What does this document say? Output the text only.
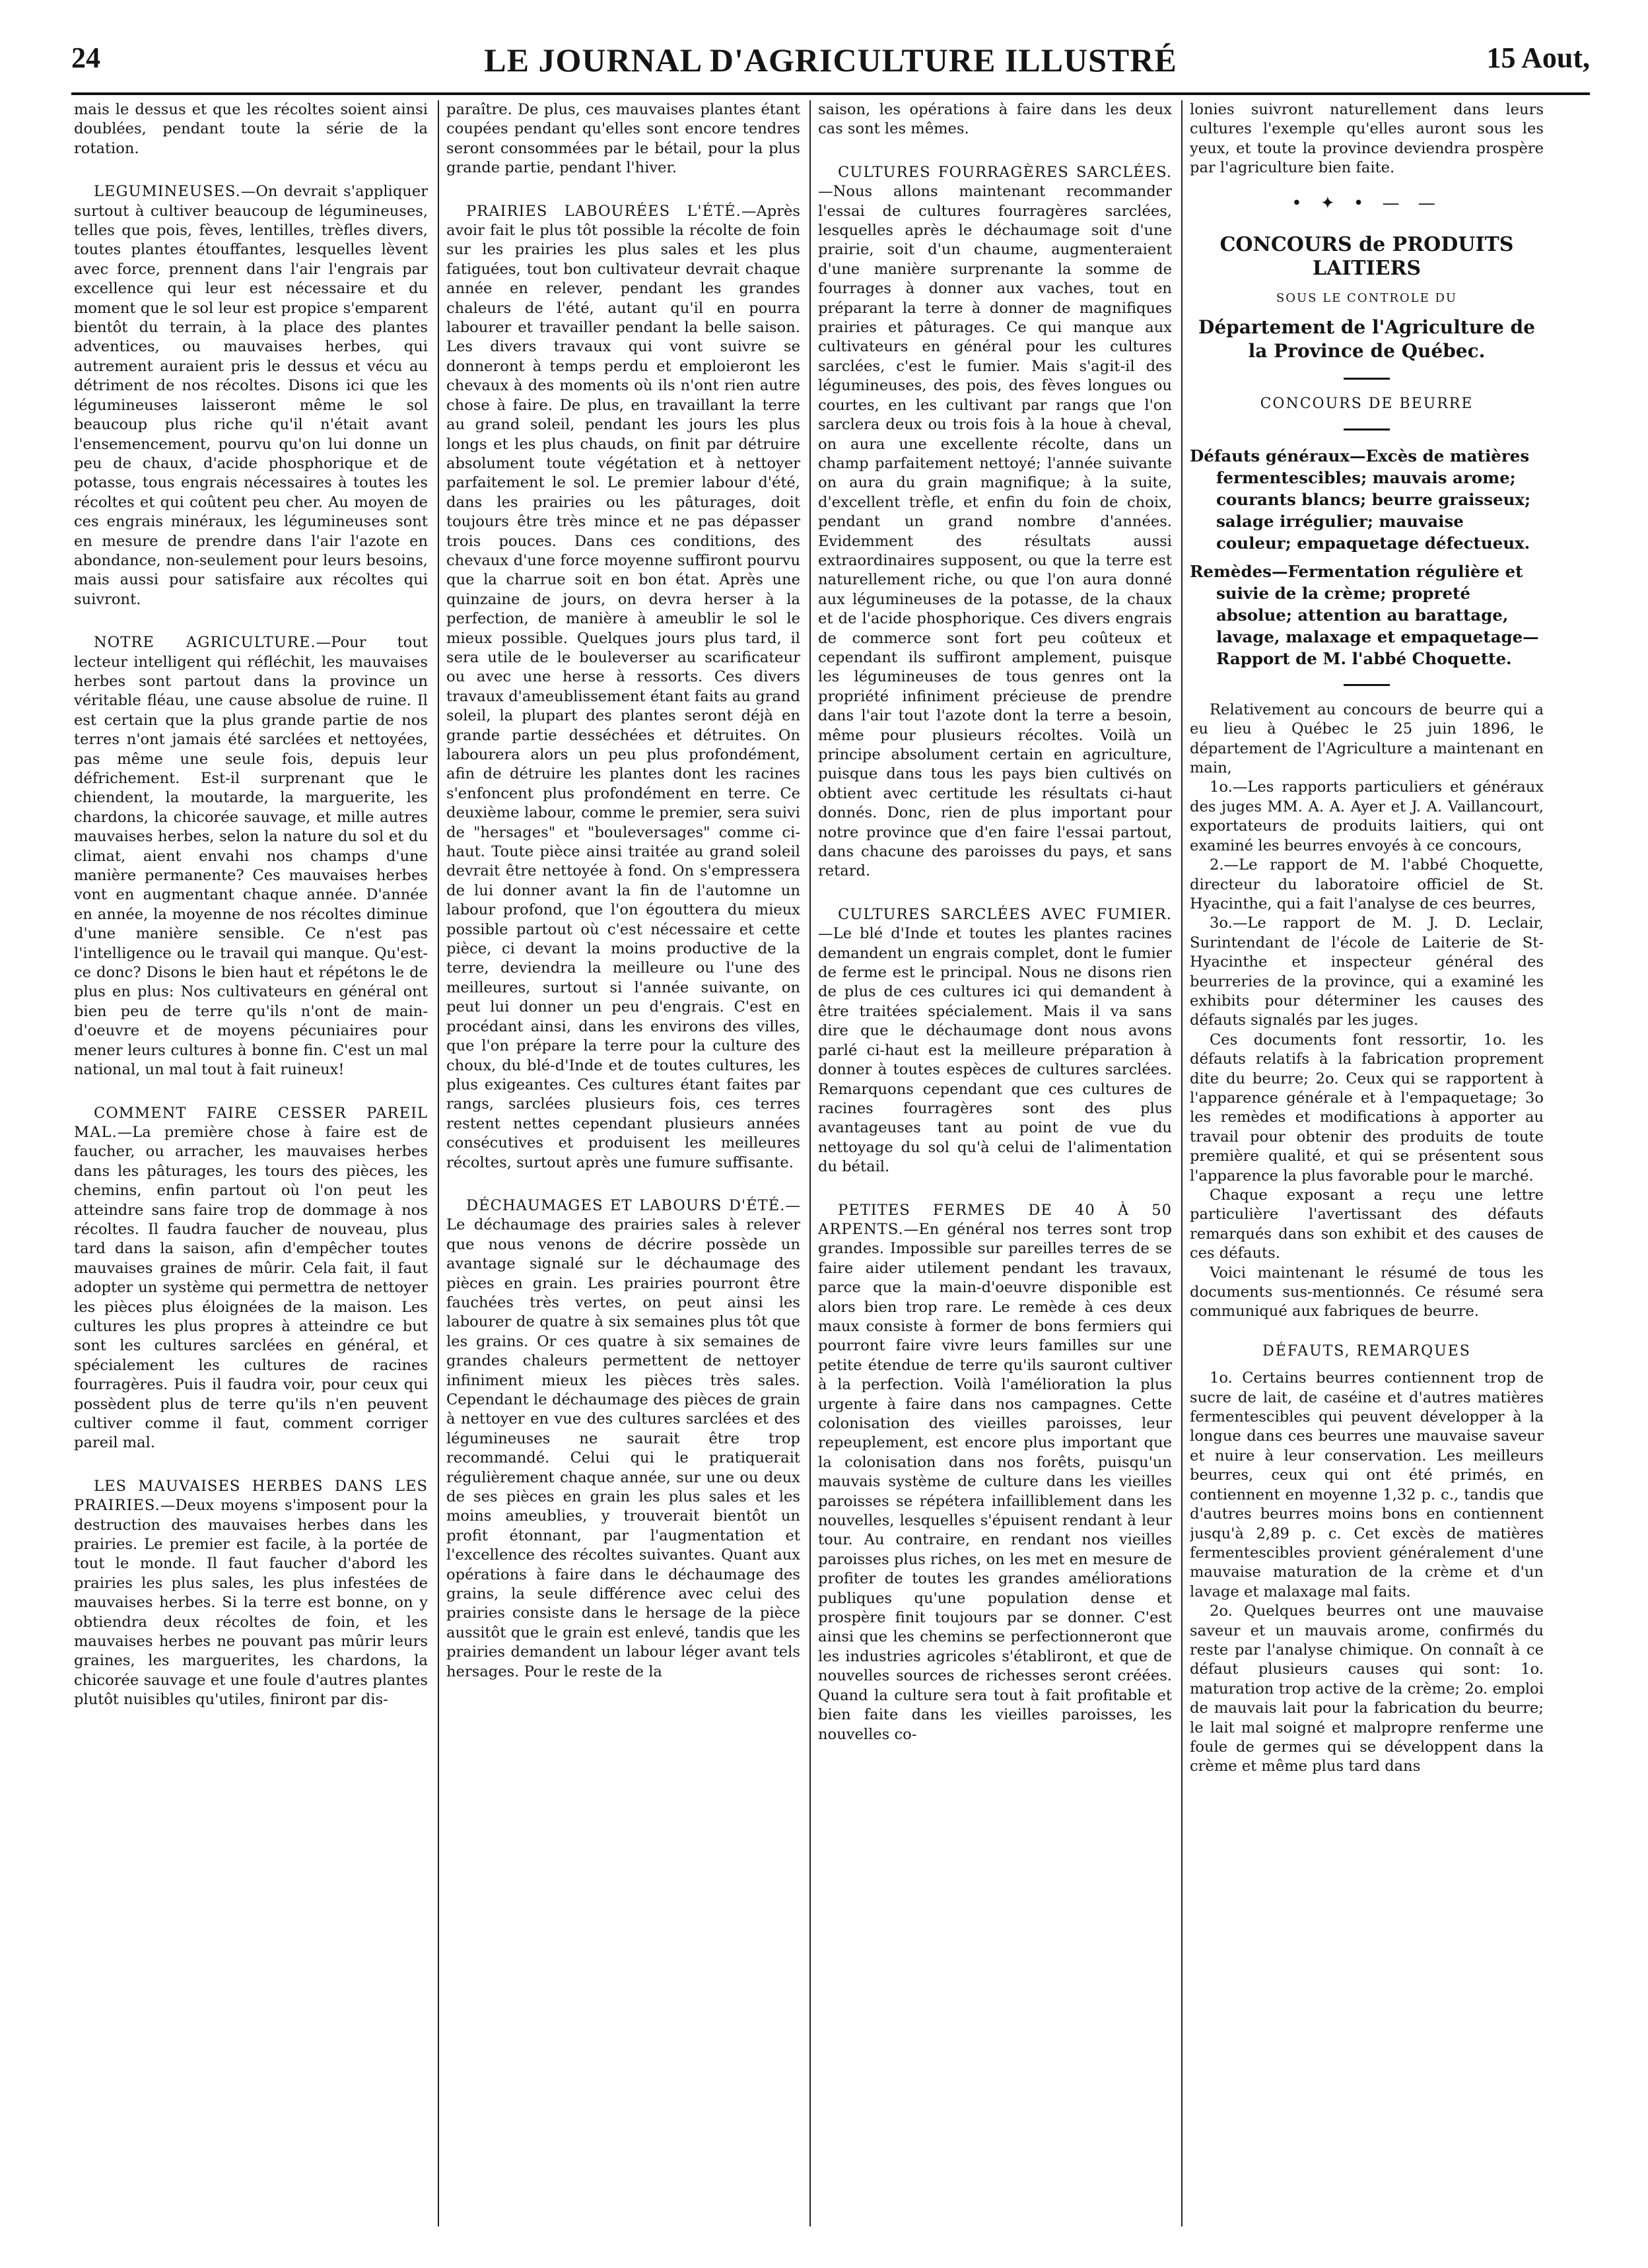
24	LE JOURNAL D'AGRICULTURE ILLUSTRÉ	15 Aout,

mais le dessus et que les récoltes soient ainsi doublées, pendant toute la série de la rotation.

LEGUMINEUSES.—On devrait s'appliquer surtout à cultiver beaucoup de légumineuses, telles que pois, fèves, lentilles, trèfles divers, toutes plantes étouffantes, lesquelles lèvent avec force, prennent dans l'air l'engrais par excellence qui leur est nécessaire et du moment que le sol leur est propice s'emparent bientôt du terrain, à la place des plantes adventices, ou mauvaises herbes, qui autrement auraient pris le dessus et vécu au détriment de nos récoltes. Disons ici que les légumineuses laisseront même le sol beaucoup plus riche qu'il n'était avant l'ensemencement, pourvu qu'on lui donne un peu de chaux, d'acide phosphorique et de potasse, tous engrais nécessaires à toutes les récoltes et qui coûtent peu cher. Au moyen de ces engrais minéraux, les légumineuses sont en mesure de prendre dans l'air l'azote en abondance, non-seulement pour leurs besoins, mais aussi pour satisfaire aux récoltes qui suivront.

NOTRE AGRICULTURE.—Pour tout lecteur intelligent qui réfléchit, les mauvaises herbes sont partout dans la province un véritable fléau, une cause absolue de ruine. Il est certain que la plus grande partie de nos terres n'ont jamais été sarclées et nettoyées, pas même une seule fois, depuis leur défrichement. Est-il surprenant que le chiendent, la moutarde, la marguerite, les chardons, la chicorée sauvage, et mille autres mauvaises herbes, selon la nature du sol et du climat, aient envahi nos champs d'une manière permanente? Ces mauvaises herbes vont en augmentant chaque année. D'année en année, la moyenne de nos récoltes diminue d'une manière sensible. Ce n'est pas l'intelligence ou le travail qui manque. Qu'est-ce donc? Disons le bien haut et répétons le de plus en plus: Nos cultivateurs en général ont bien peu de terre qu'ils n'ont de main-d'oeuvre et de moyens pécuniaires pour mener leurs cultures à bonne fin. C'est un mal national, un mal tout à fait ruineux!

COMMENT FAIRE CESSER PAREIL MAL.—La première chose à faire est de faucher, ou arracher, les mauvaises herbes dans les pâturages, les tours des pièces, les chemins, enfin partout où l'on peut les atteindre sans faire trop de dommage à nos récoltes. Il faudra faucher de nouveau, plus tard dans la saison, afin d'empêcher toutes mauvaises graines de mûrir. Cela fait, il faut adopter un système qui permettra de nettoyer les pièces plus éloignées de la maison. Les cultures les plus propres à atteindre ce but sont les cultures sarclées en général, et spécialement les cultures de racines fourragères. Puis il faudra voir, pour ceux qui possèdent plus de terre qu'ils n'en peuvent cultiver comme il faut, comment corriger pareil mal.

LES MAUVAISES HERBES DANS LES PRAIRIES.—Deux moyens s'imposent pour la destruction des mauvaises herbes dans les prairies. Le premier est facile, à la portée de tout le monde. Il faut faucher d'abord les prairies les plus sales, les plus infestées de mauvaises herbes. Si la terre est bonne, on y obtiendra deux récoltes de foin, et les mauvaises herbes ne pouvant pas mûrir leurs graines, les marguerites, les chardons, la chicorée sauvage et une foule d'autres plantes plutôt nuisibles qu'utiles, finiront par dis-

paraître. De plus, ces mauvaises plantes étant coupées pendant qu'elles sont encore tendres seront consommées par le bétail, pour la plus grande partie, pendant l'hiver.

PRAIRIES LABOURÉES L'ÉTÉ.—Après avoir fait le plus tôt possible la récolte de foin sur les prairies les plus sales et les plus fatiguées, tout bon cultivateur devrait chaque année en relever, pendant les grandes chaleurs de l'été, autant qu'il en pourra labourer et travailler pendant la belle saison. Les divers travaux qui vont suivre se donneront à temps perdu et emploieront les chevaux à des moments où ils n'ont rien autre chose à faire. De plus, en travaillant la terre au grand soleil, pendant les jours les plus longs et les plus chauds, on finit par détruire absolument toute végétation et à nettoyer parfaitement le sol. Le premier labour d'été, dans les prairies ou les pâturages, doit toujours être très mince et ne pas dépasser trois pouces. Dans ces conditions, des chevaux d'une force moyenne suffiront pourvu que la charrue soit en bon état. Après une quinzaine de jours, on devra herser à la perfection, de manière à ameublir le sol le mieux possible. Quelques jours plus tard, il sera utile de le bouleverser au scarificateur ou avec une herse à ressorts. Ces divers travaux d'ameublissement étant faits au grand soleil, la plupart des plantes seront déjà en grande partie desséchées et détruites. On labourera alors un peu plus profondément, afin de détruire les plantes dont les racines s'enfoncent plus profondément en terre. Ce deuxième labour, comme le premier, sera suivi de "hersages" et "bouleversages" comme ci-haut. Toute pièce ainsi traitée au grand soleil devrait être nettoyée à fond. On s'empressera de lui donner avant la fin de l'automne un labour profond, que l'on égouttera du mieux possible partout où c'est nécessaire et cette pièce, ci devant la moins productive de la terre, deviendra la meilleure ou l'une des meilleures, surtout si l'année suivante, on peut lui donner un peu d'engrais. C'est en procédant ainsi, dans les environs des villes, que l'on prépare la terre pour la culture des choux, du blé-d'Inde et de toutes cultures, les plus exigeantes. Ces cultures étant faites par rangs, sarclées plusieurs fois, ces terres restent nettes cependant plusieurs années consécutives et produisent les meilleures récoltes, surtout après une fumure suffisante.

DÉCHAUMAGES ET LABOURS D'ÉTÉ.—Le déchaumage des prairies sales à relever que nous venons de décrire possède un avantage signalé sur le déchaumage des pièces en grain. Les prairies pourront être fauchées très vertes, on peut ainsi les labourer de quatre à six semaines plus tôt que les grains. Or ces quatre à six semaines de grandes chaleurs permettent de nettoyer infiniment mieux les pièces très sales. Cependant le déchaumage des pièces de grain à nettoyer en vue des cultures sarclées et des légumineuses ne saurait être trop recommandé. Celui qui le pratiquerait régulièrement chaque année, sur une ou deux de ses pièces en grain les plus sales et les moins ameublies, y trouverait bientôt un profit étonnant, par l'augmentation et l'excellence des récoltes suivantes. Quant aux opérations à faire dans le déchaumage des grains, la seule différence avec celui des prairies consiste dans le hersage de la pièce aussitôt que le grain est enlevé, tandis que les prairies demandent un labour léger avant tels hersages. Pour le reste de la

saison, les opérations à faire dans les deux cas sont les mêmes.

CULTURES FOURRAGÈRES SARCLÉES.—Nous allons maintenant recommander l'essai de cultures fourragères sarclées, lesquelles après le déchaumage soit d'une prairie, soit d'un chaume, augmenteraient d'une manière surprenante la somme de fourrages à donner aux vaches, tout en préparant la terre à donner de magnifiques prairies et pâturages. Ce qui manque aux cultivateurs en général pour les cultures sarclées, c'est le fumier. Mais s'agit-il des légumineuses, des pois, des fèves longues ou courtes, en les cultivant par rangs que l'on sarclera deux ou trois fois à la houe à cheval, on aura une excellente récolte, dans un champ parfaitement nettoyé; l'année suivante on aura du grain magnifique; à la suite, d'excellent trèfle, et enfin du foin de choix, pendant un grand nombre d'années. Evidemment des résultats aussi extraordinaires supposent, ou que la terre est naturellement riche, ou que l'on aura donné aux légumineuses de la potasse, de la chaux et de l'acide phosphorique. Ces divers engrais de commerce sont fort peu coûteux et cependant ils suffiront amplement, puisque les légumineuses de tous genres ont la propriété infiniment précieuse de prendre dans l'air tout l'azote dont la terre a besoin, même pour plusieurs récoltes. Voilà un principe absolument certain en agriculture, puisque dans tous les pays bien cultivés on obtient avec certitude les résultats ci-haut donnés. Donc, rien de plus important pour notre province que d'en faire l'essai partout, dans chacune des paroisses du pays, et sans retard.

CULTURES SARCLÉES AVEC FUMIER.—Le blé d'Inde et toutes les plantes racines demandent un engrais complet, dont le fumier de ferme est le principal. Nous ne disons rien de plus de ces cultures ici qui demandent à être traitées spécialement. Mais il va sans dire que le déchaumage dont nous avons parlé ci-haut est la meilleure préparation à donner à toutes espèces de cultures sarclées. Remarquons cependant que ces cultures de racines fourragères sont des plus avantageuses tant au point de vue du nettoyage du sol qu'à celui de l'alimentation du bétail.

PETITES FERMES DE 40 À 50 ARPENTS.—En général nos terres sont trop grandes. Impossible sur pareilles terres de se faire aider utilement pendant les travaux, parce que la main-d'oeuvre disponible est alors bien trop rare. Le remède à ces deux maux consiste à former de bons fermiers qui pourront faire vivre leurs familles sur une petite étendue de terre qu'ils sauront cultiver à la perfection. Voilà l'amélioration la plus urgente à faire dans nos campagnes. Cette colonisation des vieilles paroisses, leur repeuplement, est encore plus important que la colonisation dans nos forêts, puisqu'un mauvais système de culture dans les vieilles paroisses se répétera infailliblement dans les nouvelles, lesquelles s'épuisent rendant à leur tour. Au contraire, en rendant nos vieilles paroisses plus riches, on les met en mesure de profiter de toutes les grandes améliorations publiques qu'une population dense et prospère finit toujours par se donner. C'est ainsi que les chemins se perfectionneront que les industries agricoles s'établiront, et que de nouvelles sources de richesses seront créées. Quand la culture sera tout à fait profitable et bien faite dans les vieilles paroisses, les nouvelles co-

lonies suivront naturellement dans leurs cultures l'exemple qu'elles auront sous les yeux, et toute la province deviendra prospère par l'agriculture bien faite.

• ✦ • — —
CONCOURS de PRODUITS LAITIERS
SOUS LE CONTROLE DU
Département de l'Agriculture de la Province de Québec.
CONCOURS DE BEURRE
Défauts généraux—Excès de matières fermentescibles; mauvais arome; courants blancs; beurre graisseux; salage irrégulier; mauvaise couleur; empaquetage défectueux.
Remèdes—Fermentation régulière et suivie de la crème; propreté absolue; attention au barattage, lavage, malaxage et empaquetage—Rapport de M. l'abbé Choquette.

Relativement au concours de beurre qui a eu lieu à Québec le 25 juin 1896, le département de l'Agriculture a maintenant en main,

1o.—Les rapports particuliers et généraux des juges MM. A. A. Ayer et J. A. Vaillancourt, exportateurs de produits laitiers, qui ont examiné les beurres envoyés à ce concours,

2.—Le rapport de M. l'abbé Choquette, directeur du laboratoire officiel de St. Hyacinthe, qui a fait l'analyse de ces beurres,

3o.—Le rapport de M. J. D. Leclair, Surintendant de l'école de Laiterie de St-Hyacinthe et inspecteur général des beurreries de la province, qui a examiné les exhibits pour déterminer les causes des défauts signalés par les juges.

Ces documents font ressortir, 1o. les défauts relatifs à la fabrication proprement dite du beurre; 2o. Ceux qui se rapportent à l'apparence générale et à l'empaquetage; 3o les remèdes et modifications à apporter au travail pour obtenir des produits de toute première qualité, et qui se présentent sous l'apparence la plus favorable pour le marché.

Chaque exposant a reçu une lettre particulière l'avertissant des défauts remarqués dans son exhibit et des causes de ces défauts.

Voici maintenant le résumé de tous les documents sus-mentionnés. Ce résumé sera communiqué aux fabriques de beurre.

DÉFAUTS, REMARQUES

1o. Certains beurres contiennent trop de sucre de lait, de caséine et d'autres matières fermentescibles qui peuvent développer à la longue dans ces beurres une mauvaise saveur et nuire à leur conservation. Les meilleurs beurres, ceux qui ont été primés, en contiennent en moyenne 1,32 p. c., tandis que d'autres beurres moins bons en contiennent jusqu'à 2,89 p. c. Cet excès de matières fermentescibles provient généralement d'une mauvaise maturation de la crème et d'un lavage et malaxage mal faits.

2o. Quelques beurres ont une mauvaise saveur et un mauvais arome, confirmés du reste par l'analyse chimique. On connaît à ce défaut plusieurs causes qui sont: 1o. maturation trop active de la crème; 2o. emploi de mauvais lait pour la fabrication du beurre; le lait mal soigné et malpropre renferme une foule de germes qui se développent dans la crème et même plus tard dans
